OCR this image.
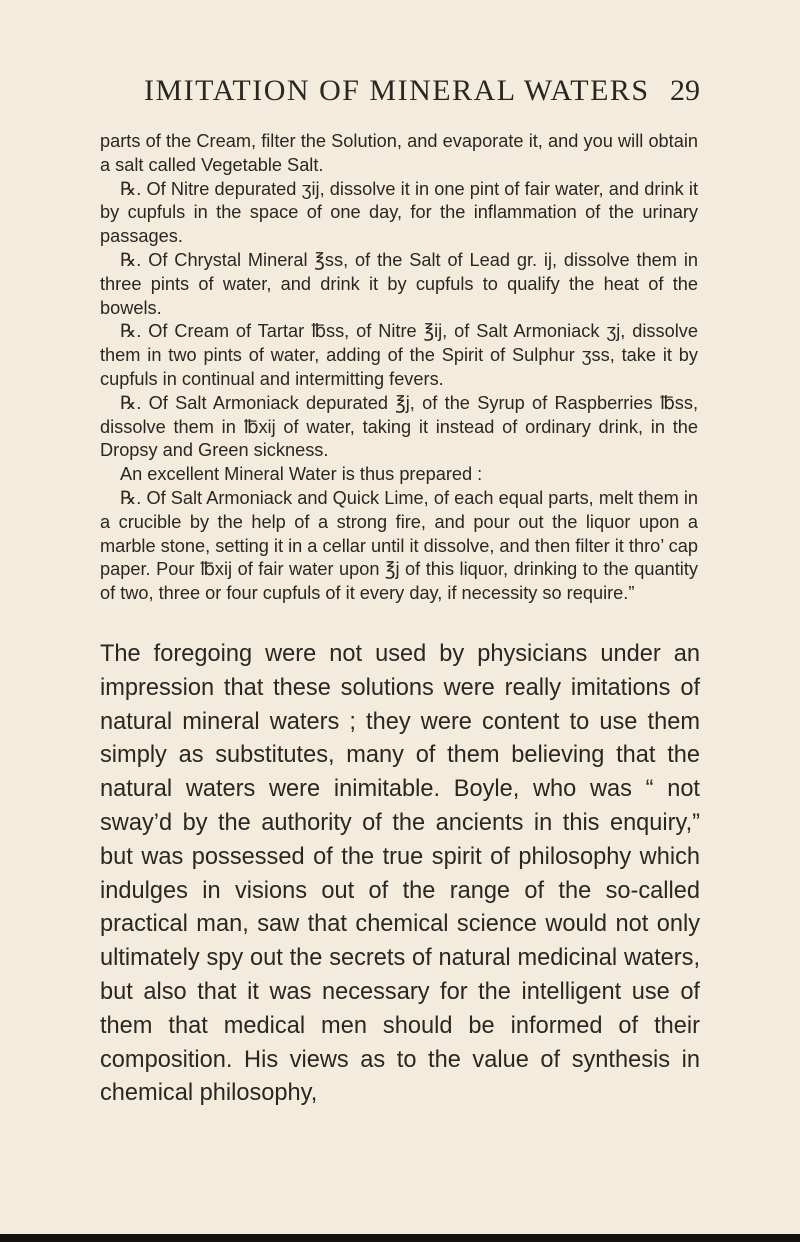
IMITATION OF MINERAL WATERS 29

parts of the Cream, filter the Solution, and evaporate it, and you will obtain a salt called Vegetable Salt.

℞. Of Nitre depurated ʒij, dissolve it in one pint of fair water, and drink it by cupfuls in the space of one day, for the inflammation of the urinary passages.

℞. Of Chrystal Mineral ℥ss, of the Salt of Lead gr. ij, dissolve them in three pints of water, and drink it by cupfuls to qualify the heat of the bowels.

℞. Of Cream of Tartar ℔ss, of Nitre ℥ij, of Salt Armoniack ʒj, dissolve them in two pints of water, adding of the Spirit of Sulphur ʒss, take it by cupfuls in continual and intermitting fevers.

℞. Of Salt Armoniack depurated ℥j, of the Syrup of Raspberries ℔ss, dissolve them in ℔xij of water, taking it instead of ordinary drink, in the Dropsy and Green sickness.

An excellent Mineral Water is thus prepared :

℞. Of Salt Armoniack and Quick Lime, of each equal parts, melt them in a crucible by the help of a strong fire, and pour out the liquor upon a marble stone, setting it in a cellar until it dissolve, and then filter it thro’ cap paper. Pour ℔xij of fair water upon ℥j of this liquor, drinking to the quantity of two, three or four cupfuls of it every day, if necessity so require.”

The foregoing were not used by physicians under an impression that these solutions were really imitations of natural mineral waters ; they were content to use them simply as substitutes, many of them believing that the natural waters were inimitable. Boyle, who was “ not sway’d by the authority of the ancients in this enquiry,” but was possessed of the true spirit of philosophy which indulges in visions out of the range of the so-called practical man, saw that chemical science would not only ultimately spy out the secrets of natural medicinal waters, but also that it was necessary for the intelligent use of them that medical men should be informed of their composition. His views as to the value of synthesis in chemical philosophy,
